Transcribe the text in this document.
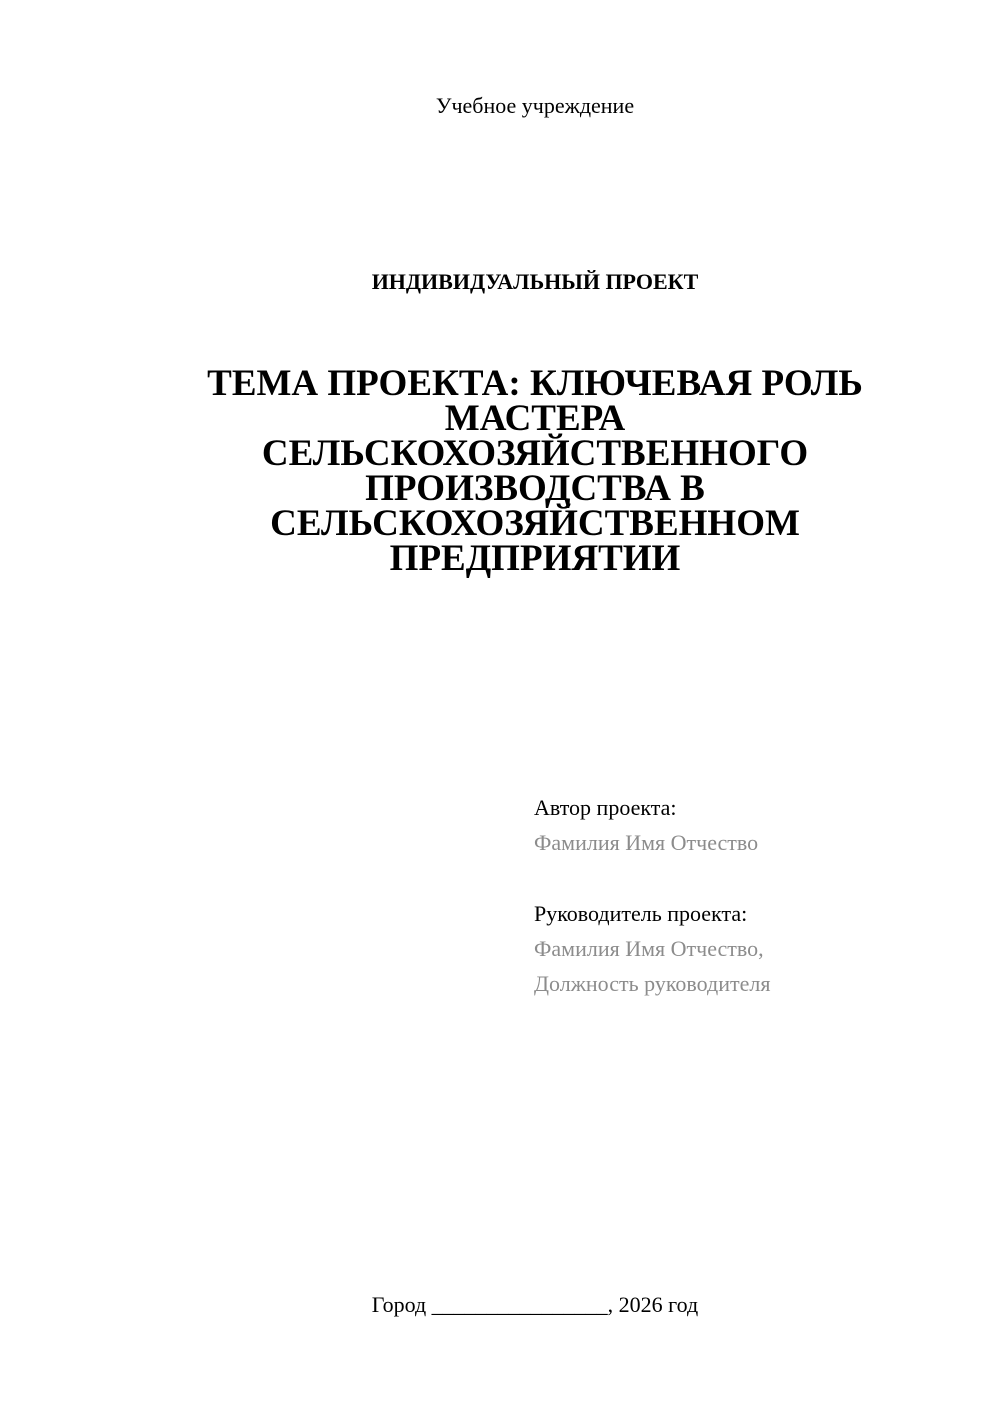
Учебное учреждение
ИНДИВИДУАЛЬНЫЙ ПРОЕКТ
ТЕМА ПРОЕКТА: КЛЮЧЕВАЯ РОЛЬ
МАСТЕРА
СЕЛЬСКОХОЗЯЙСТВЕННОГО
ПРОИЗВОДСТВА В
СЕЛЬСКОХОЗЯЙСТВЕННОМ
ПРЕДПРИЯТИИ
Автор проекта:
Фамилия Имя Отчество
Руководитель проекта:
Фамилия Имя Отчество,
Должность руководителя
Город ________________, 2026 год
